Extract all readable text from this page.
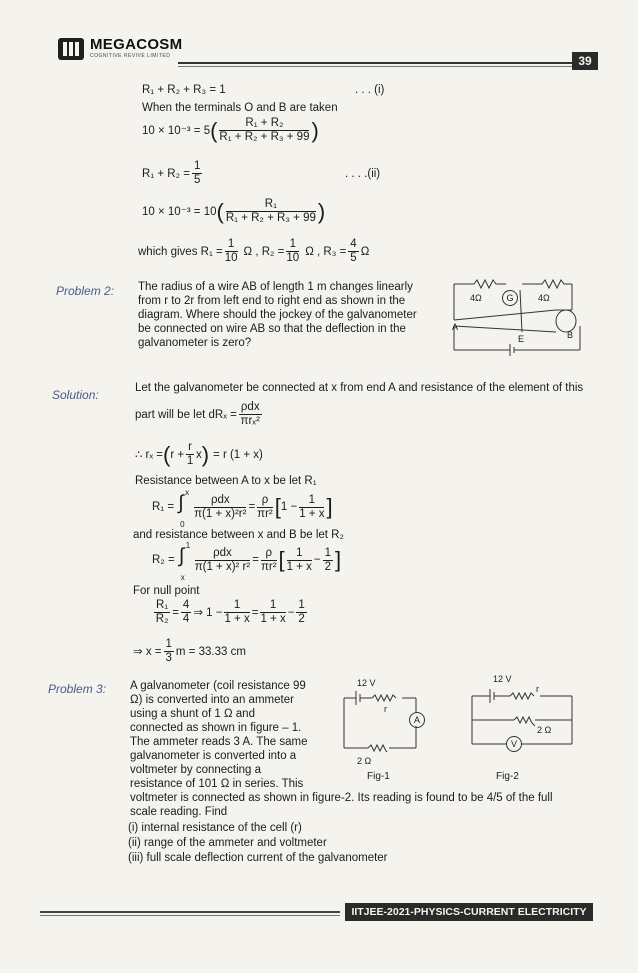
MEGACOSM
COGNITIVE REVIVE LIMITED	39
R₁ + R₂ + R₃ = 1	. . . (i)
When the terminals O and B are taken
10 × 10⁻³ = 5 ( $\frac{\text{R₁ + R₂}}{\text{R₁ + R₂ + R₃ + 99}}$ )
$R_1 + R_2 = \frac{1}{5}$	. . . .(ii)
10 × 10⁻³ = 10 ( $\frac{\text{R₁}}{\text{R₁ + R₂ + R₃ + 99}}$ )
which gives $R_1 = \frac{1}{10}$ Ω , $R_2 = \frac{1}{10}$ Ω , $R_3 = \frac{4}{5}$ Ω
Problem 2: The radius of a wire AB of length 1 m changes linearly
from r to 2r from left end to right end as shown in the
diagram. Where should the jockey of the galvanometer
be connected on wire AB so that the deflection in the
galvanometer is zero?
4Ω	G	4Ω
A
E	B
Solution:	Let the galvanometer be connected at x from end A and resistance of the element of this
part will be let $dR_x = \frac{\text{ρdx}}{\text{πrₓ²}}$
∴ rₓ = ( $r + \frac{r}{1}$ x ) = r (1 + x)
Resistance between A to x be let R₁
R₁ = ∫ x
0
$\frac{\text{ρdx}}{\text{π(1 + x)²r²}} = \frac{\rho}{\text{πr²}}$ [ $1 - \frac{1}{1 + x}$ ]
and resistance between x and B be let R₂
R₂ = ∫ 1
x
$\frac{\text{ρdx}}{\text{π(1 + x)² r²}} = \frac{\rho}{\text{πr²}}$ [ $\frac{1}{1 + x} - \frac{1}{2}$ ]
For null point
$\frac{\text{R₁}}{\text{R₂}} = \frac{4}{4}$ ⇒ $1 - \frac{1}{1 + x} = \frac{1}{1 + x} - \frac{1}{2}$
⇒ $x = \frac{1}{3}$ m = 33.33 cm
Problem 3: A galvanometer (coil resistance 99
Ω) is converted into an ammeter
using a shunt of 1 Ω and
connected as shown in figure – 1.
The ammeter reads 3 A. The same
galvanometer is converted into a
voltmeter by connecting a
resistance of 101 Ω in series. This
voltmeter is connected as shown in figure-2. Its reading is found to be 4/5 of the full
scale reading. Find
(i) internal resistance of the cell (r)
(ii) range of the ammeter and voltmeter
(iii) full scale deflection current of the galvanometer
12 V
r
A
2 Ω
Fig-1
12 V
r
2 Ω
V
Fig-2
IITJEE-2021-PHYSICS-CURRENT ELECTRICITY
